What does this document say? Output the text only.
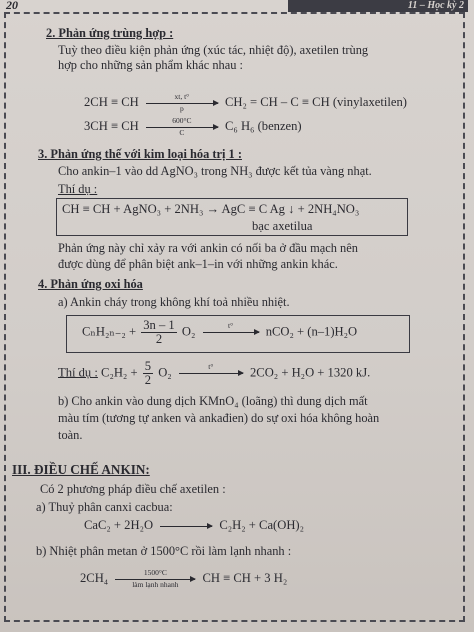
20	11 – Học kỳ 2
2. Phản ứng trùng hợp :
Tuỳ theo điều kiện phản ứng (xúc tác, nhiệt độ), axetilen trùng
hợp cho những sản phẩm khác nhau :
2CH ≡ CH $\frac{xt, t^\circ}{p} CH_2$ = CH – C ≡ CH (vinylaxetilen)
3CH ≡ CH $\frac{600^\circ C}{C} C_6$ H₆ (benzen)
3. Phản ứng thế với kim loại hóa trị 1 :
Cho ankin–1 vào dd AgNO₃ trong NH₃ được kết tủa vàng nhạt.
Thí dụ :
CH ≡ CH + AgNO₃ + 2NH₃ → AgC ≡ C Ag ↓ + 2NH₄NO₃
bạc axetilua
Phản ứng này chỉ xảy ra với ankin có nối ba ở đầu mạch nên
được dùng để phân biệt ank–1–in với những ankin khác.
4. Phản ứng oxi hóa
a) Ankin cháy trong không khí toả nhiều nhiệt.
$C_nH_{2n-2} + \frac{3n - 1}{2} O_2$	t°	nCO₂ + (n–1)H₂O
Thí dụ : $C_2H_2 + \frac{5}{2} O_2$	t°	2CO₂ + H₂O + 1320 kJ.
b) Cho ankin vào dung dịch KMnO₄ (loãng) thì dung dịch mất
màu tím (tương tự anken và ankađien) do sự oxi hóa không hoàn
toàn.
III. ĐIỀU CHẾ ANKIN:
Có 2 phương pháp điều chế axetilen :
a) Thuỷ phân canxi cacbua:
CaC₂ + 2H₂O	C₂H₂ + Ca(OH)₂
b) Nhiệt phân metan ở 1500°C rồi làm lạnh nhanh :
2CH₄	1500°C
làm lạnh nhanh	CH ≡ CH + 3 H₂
